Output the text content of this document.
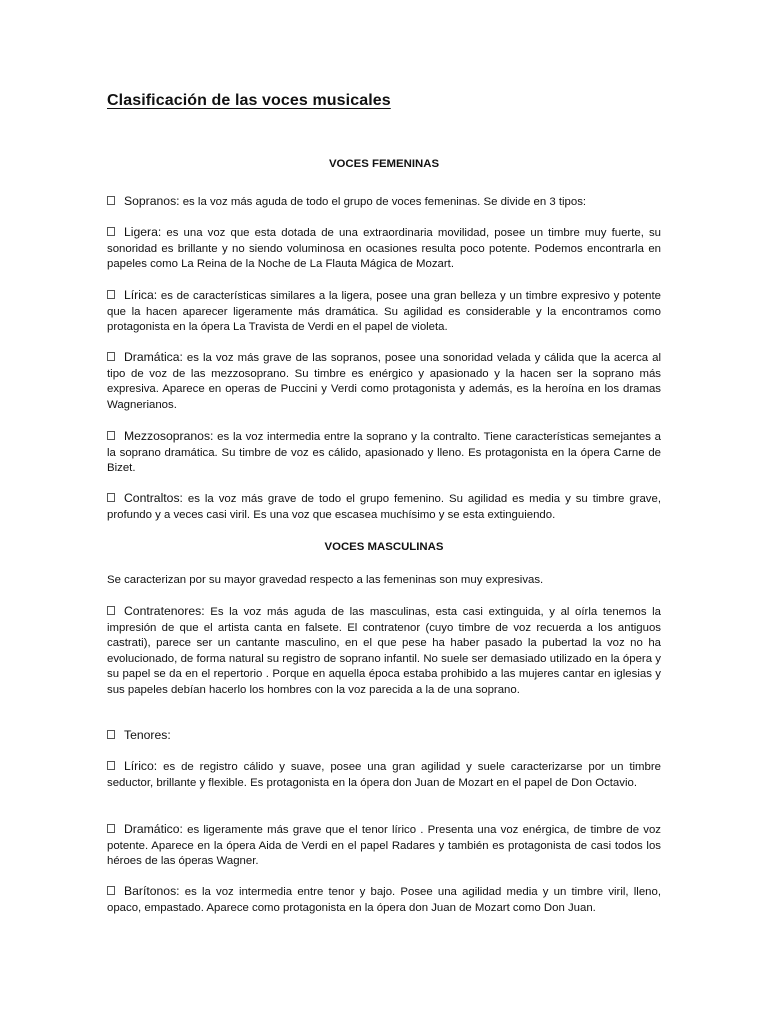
Clasificación de las voces musicales
VOCES FEMENINAS

Sopranos: es la voz más aguda de todo el grupo de voces femeninas. Se divide en 3 tipos:

Ligera: es una voz que esta dotada de una extraordinaria movilidad, posee un timbre muy fuerte, su sonoridad es brillante y no siendo voluminosa en ocasiones resulta poco potente. Podemos encontrarla en papeles como La Reina de la Noche de La Flauta Mágica de Mozart.

Lírica: es de características similares a la ligera, posee una gran belleza y un timbre expresivo y potente que la hacen aparecer ligeramente más dramática. Su agilidad es considerable y la encontramos como protagonista en la ópera La Travista de Verdi en el papel de violeta.

Dramática: es la voz más grave de las sopranos, posee una sonoridad velada y cálida que la acerca al tipo de voz de las mezzosoprano. Su timbre es enérgico y apasionado y la hacen ser la soprano más expresiva. Aparece en operas de Puccini y Verdi como protagonista y además, es la heroína en los dramas Wagnerianos.

Mezzosopranos: es la voz intermedia entre la soprano y la contralto. Tiene características semejantes a la soprano dramática. Su timbre de voz es cálido, apasionado y lleno. Es protagonista en la ópera Carne de Bizet.

Contraltos: es la voz más grave de todo el grupo femenino. Su agilidad es media y su timbre grave, profundo y a veces casi viril. Es una voz que escasea muchísimo y se esta extinguiendo.

VOCES MASCULINAS

Se caracterizan por su mayor gravedad respecto a las femeninas son muy expresivas.

Contratenores: Es la voz más aguda de las masculinas, esta casi extinguida, y al oírla tenemos la impresión de que el artista canta en falsete. El contratenor (cuyo timbre de voz recuerda a los antiguos castrati), parece ser un cantante masculino, en el que pese ha haber pasado la pubertad la voz no ha evolucionado, de forma natural su registro de soprano infantil. No suele ser demasiado utilizado en la ópera y su papel se da en el repertorio . Porque en aquella época estaba prohibido a las mujeres cantar en iglesias y sus papeles debían hacerlo los hombres con la voz parecida a la de una soprano.

Tenores:

Lírico: es de registro cálido y suave, posee una gran agilidad y suele caracterizarse por un timbre seductor, brillante y flexible. Es protagonista en la ópera don Juan de Mozart en el papel de Don Octavio.

Dramático: es ligeramente más grave que el tenor lírico . Presenta una voz enérgica, de timbre de voz potente. Aparece en la ópera Aida de Verdi en el papel Radares y también es protagonista de casi todos los héroes de las óperas Wagner.

Barítonos: es la voz intermedia entre tenor y bajo. Posee una agilidad media y un timbre viril, lleno, opaco, empastado. Aparece como protagonista en la ópera don Juan de Mozart como Don Juan.
